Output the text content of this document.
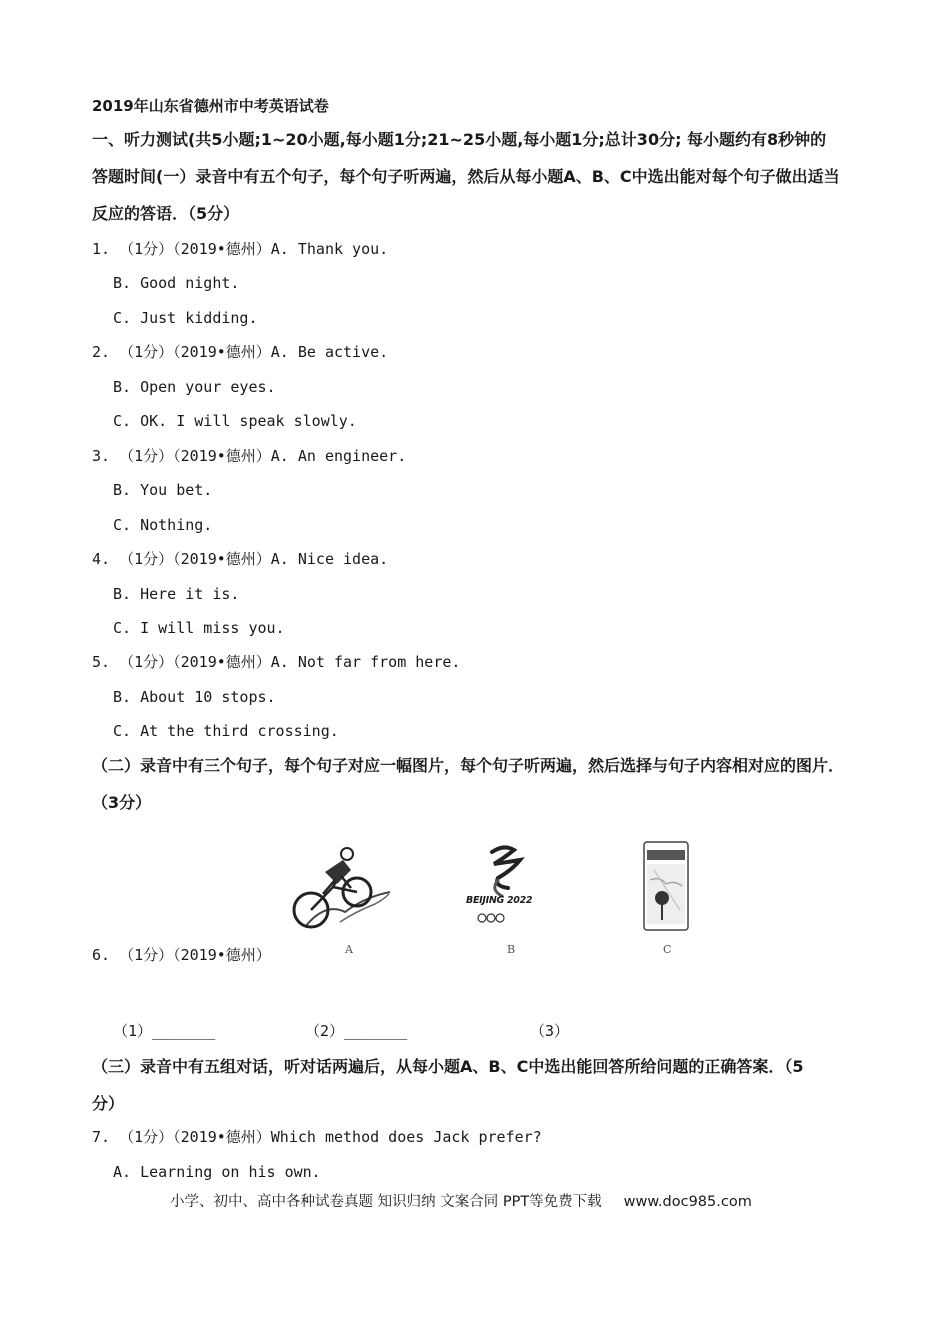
2019年山东省德州市中考英语试卷
一、听力测试(共5小题;1~20小题,每小题1分;21~25小题,每小题1分;总计30分; 每小题约有8秒钟的
答题时间(一）录音中有五个句子，每个句子听两遍，然后从每小题A、B、C中选出能对每个句子做出适当
反应的答语．（5分）
1. （1分）（2019•德州）A. Thank you.
B. Good night.
C. Just kidding.
2. （1分）（2019•德州）A. Be active.
B. Open your eyes.
C. OK. I will speak slowly.
3. （1分）（2019•德州）A. An engineer.
B. You bet.
C. Nothing.
4. （1分）（2019•德州）A. Nice idea.
B. Here it is.
C. I will miss you.
5. （1分）（2019•德州）A. Not far from here.
B. About 10 stops.
C. At the third crossing.
（二）录音中有三个句子，每个句子对应一幅图片，每个句子听两遍，然后选择与句子内容相对应的图片．
（3分）
A
BEIJING 2022
B	C
6. （1分）（2019•德州）
（1）_______	（2）_______	（3）
（三）录音中有五组对话，听对话两遍后，从每小题A、B、C中选出能回答所给问题的正确答案．（5
分）
7. （1分）（2019•德州）Which method does Jack prefer?
A. Learning on his own.
小学、初中、高中各种试卷真题 知识归纳 文案合同 PPT等免费下载 www.doc985.com
